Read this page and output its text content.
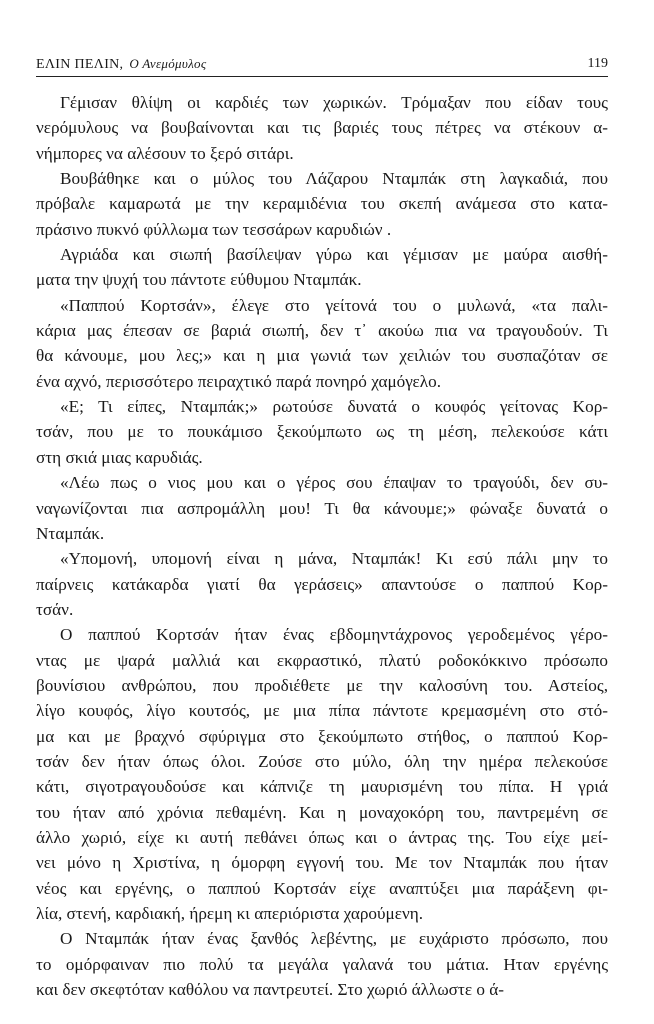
ΕΛΙΝ ΠΕΛΙΝ, Ο Ανεμόμυλος	119

Γέμισαν θλίψη οι καρδιές των χωρικών. Τρόμαξαν που είδαν τους
νερόμυλους να βουβαίνονται και τις βαριές τους πέτρες να στέκουν α-
νήμπορες να αλέσουν το ξερό σιτάρι.

Βουβάθηκε και ο μύλος του Λάζαρου Νταμπάκ στη λαγκαδιά, που
πρόβαλε καμαρωτά με την κεραμιδένια του σκεπή ανάμεσα στο κατα-
πράσινο πυκνό φύλλωμα των τεσσάρων καρυδιών .

Αγριάδα και σιωπή βασίλεψαν γύρω και γέμισαν με μαύρα αισθή-
ματα την ψυχή του πάντοτε εύθυμου Νταμπάκ.

«Παππού Κορτσάν», έλεγε στο γείτονά του ο μυλωνά, «τα παλι-
κάρια μας έπεσαν σε βαριά σιωπή, δεν τ᾽ ακούω πια να τραγουδούν. Τι
θα κάνουμε, μου λες;» και η μια γωνιά των χειλιών του συσπαζόταν σε
ένα αχνό, περισσότερο πειραχτικό παρά πονηρό χαμόγελο.

«Ε; Τι είπες, Νταμπάκ;» ρωτούσε δυνατά ο κουφός γείτονας Κορ-
τσάν, που με το πουκάμισο ξεκούμπωτο ως τη μέση, πελεκούσε κάτι
στη σκιά μιας καρυδιάς.

«Λέω πως ο νιος μου και ο γέρος σου έπαψαν το τραγούδι, δεν συ-
ναγωνίζονται πια ασπρομάλλη μου! Τι θα κάνουμε;» φώναξε δυνατά ο
Νταμπάκ.

«Υπομονή, υπομονή είναι η μάνα, Νταμπάκ! Κι εσύ πάλι μην το
παίρνεις κατάκαρδα γιατί θα γεράσεις» απαντούσε ο παππού Κορ-
τσάν.

Ο παππού Κορτσάν ήταν ένας εβδομηντάχρονος γεροδεμένος γέρο-
ντας με ψαρά μαλλιά και εκφραστικό, πλατύ ροδοκόκκινο πρόσωπο
βουνίσιου ανθρώπου, που προδιέθετε με την καλοσύνη του. Αστείος,
λίγο κουφός, λίγο κουτσός, με μια πίπα πάντοτε κρεμασμένη στο στό-
μα και με βραχνό σφύριγμα στο ξεκούμπωτο στήθος, ο παππού Κορ-
τσάν δεν ήταν όπως όλοι. Ζούσε στο μύλο, όλη την ημέρα πελεκούσε
κάτι, σιγοτραγουδούσε και κάπνιζε τη μαυρισμένη του πίπα. Η γριά
του ήταν από χρόνια πεθαμένη. Και η μοναχοκόρη του, παντρεμένη σε
άλλο χωριό, είχε κι αυτή πεθάνει όπως και ο άντρας της. Του είχε μεί-
νει μόνο η Χριστίνα, η όμορφη εγγονή του. Με τον Νταμπάκ που ήταν
νέος και εργένης, ο παππού Κορτσάν είχε αναπτύξει μια παράξενη φι-
λία, στενή, καρδιακή, ήρεμη κι απεριόριστα χαρούμενη.

Ο Νταμπάκ ήταν ένας ξανθός λεβέντης, με ευχάριστο πρόσωπο, που
το ομόρφαιναν πιο πολύ τα μεγάλα γαλανά του μάτια. Ηταν εργένης
και δεν σκεφτόταν καθόλου να παντρευτεί. Στο χωριό άλλωστε ο ά-
